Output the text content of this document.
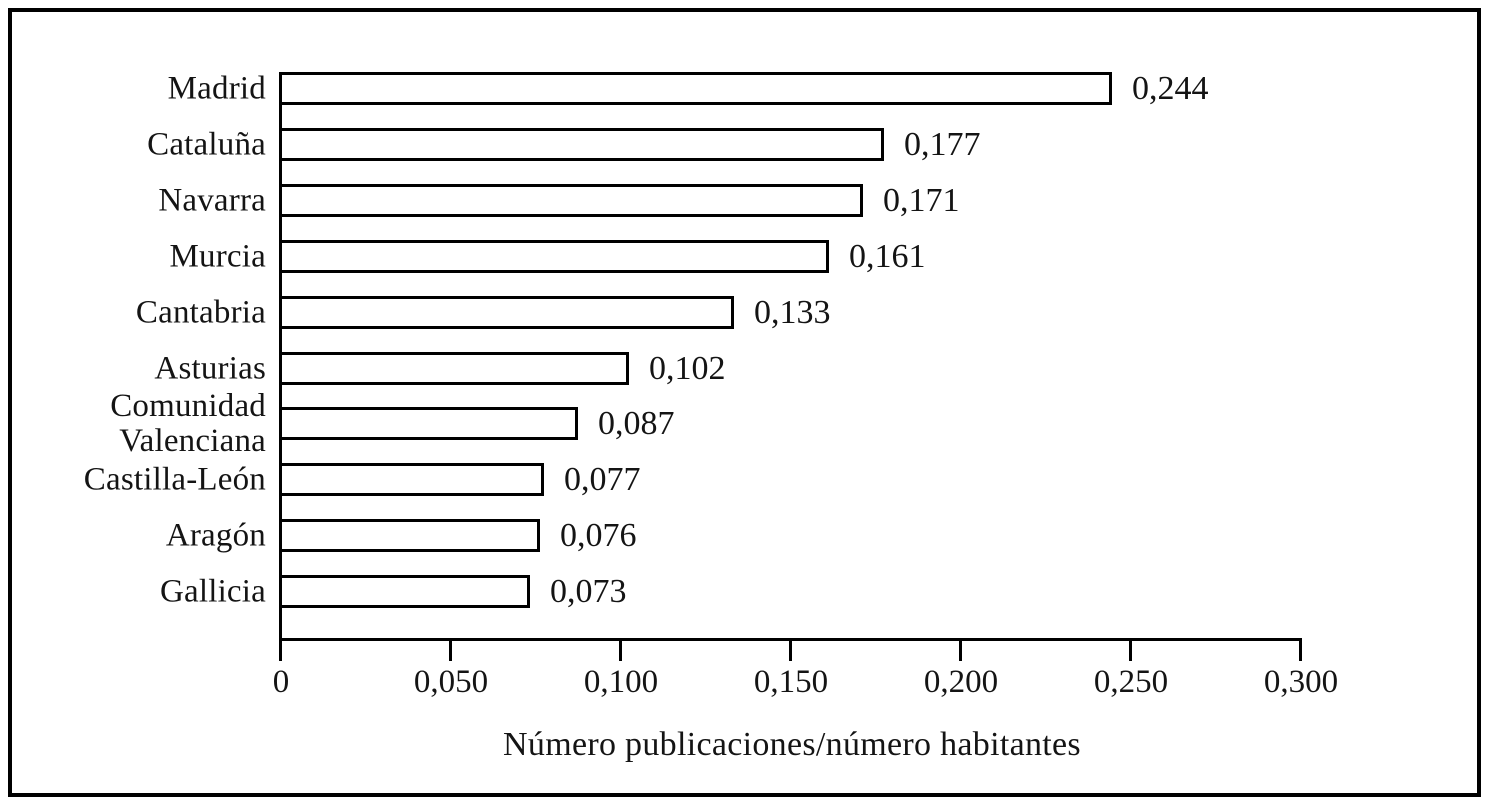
Madrid	0,244
Cataluña	0,177
Navarra	0,171
Murcia	0,161
Cantabria	0,133
Asturias	0,102
Comunidad Valenciana	0,087
Castilla-León	0,077
Aragón	0,076
Gallicia	0,073
0	0,050	0,100	0,150	0,200	0,250	0,300
Número publicaciones/número habitantes
